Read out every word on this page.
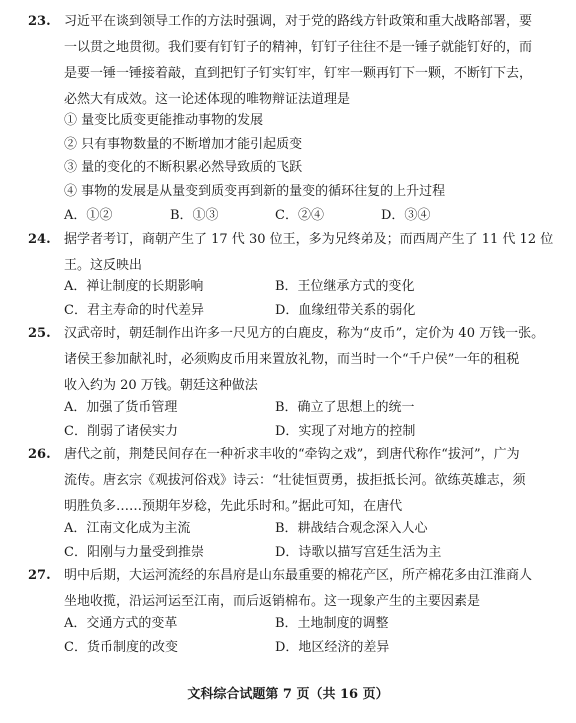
23. 习近平在谈到领导工作的方法时强调，对于党的路线方针政策和重大战略部署，要
一以贯之地贯彻。我们要有钉钉子的精神，钉钉子往往不是一锤子就能钉好的，而
是要一锤一锤接着敲，直到把钉子钉实钉牢，钉牢一颗再钉下一颗，不断钉下去，
必然大有成效。这一论述体现的唯物辩证法道理是
① 量变比质变更能推动事物的发展
② 只有事物数量的不断增加才能引起质变
③ 量的变化的不断积累必然导致质的飞跃
④ 事物的发展是从量变到质变再到新的量变的循环往复的上升过程
A．①②	B．①③	C．②④	D．③④
24. 据学者考订，商朝产生了 17 代 30 位王，多为兄终弟及；而西周产生了 11 代 12 位
王。这反映出
A．禅让制度的长期影响	B．王位继承方式的变化
C．君主寿命的时代差异	D．血缘纽带关系的弱化
25. 汉武帝时，朝廷制作出许多一尺见方的白鹿皮，称为“皮币”，定价为 40 万钱一张。
诸侯王参加献礼时，必须购皮币用来置放礼物，而当时一个“千户侯”一年的租税
收入约为 20 万钱。朝廷这种做法
A．加强了货币管理	B．确立了思想上的统一
C．削弱了诸侯实力	D．实现了对地方的控制
26. 唐代之前，荆楚民间存在一种祈求丰收的“牵钩之戏”，到唐代称作“拔河”，广为
流传。唐玄宗《观拔河俗戏》诗云：“壮徒恒贾勇，拔拒抵长河。欲练英雄志，须
明胜负多……预期年岁稔，先此乐时和。”据此可知，在唐代
A．江南文化成为主流	B．耕战结合观念深入人心
C．阳刚与力量受到推崇	D．诗歌以描写宫廷生活为主
27. 明中后期，大运河流经的东昌府是山东最重要的棉花产区，所产棉花多由江淮商人
坐地收揽，沿运河运至江南，而后返销棉布。这一现象产生的主要因素是
A．交通方式的变革	B．土地制度的调整
C．货币制度的改变	D．地区经济的差异
文科综合试题第 7 页（共 16 页）
